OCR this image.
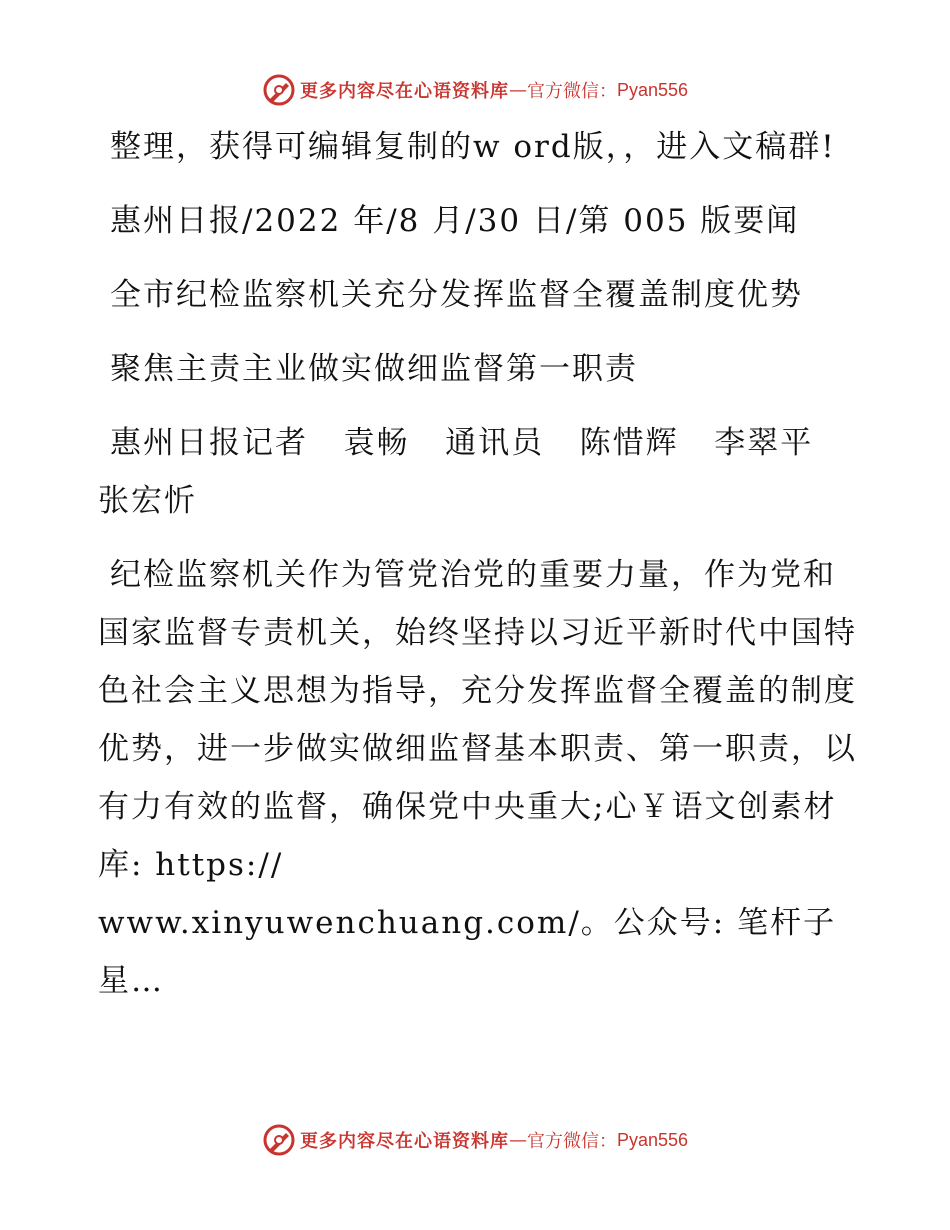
更多内容尽在心语资料库 — 官方微信： Pyan556

整理，获得可编辑复制的w ord版，，进入文稿群!

惠州日报/2022 年/8 月/30 日/第 005 版要闻

全市纪检监察机关充分发挥监督全覆盖制度优势

聚焦主责主业做实做细监督第一职责

惠州日报记者   袁畅   通讯员   陈惜辉   李翠平   张宏忻

纪检监察机关作为管党治党的重要力量，作为党和国家监督专责机关，始终坚持以习近平新时代中国特色社会主义思想为指导，充分发挥监督全覆盖的制度优势，进一步做实做细监督基本职责、第一职责，以有力有效的监督，确保党中央重大;心￥语文创素材库: https://

www.xinyuwenchuang.com/。公众号: 笔杆子星…

更多内容尽在心语资料库 — 官方微信： Pyan556
